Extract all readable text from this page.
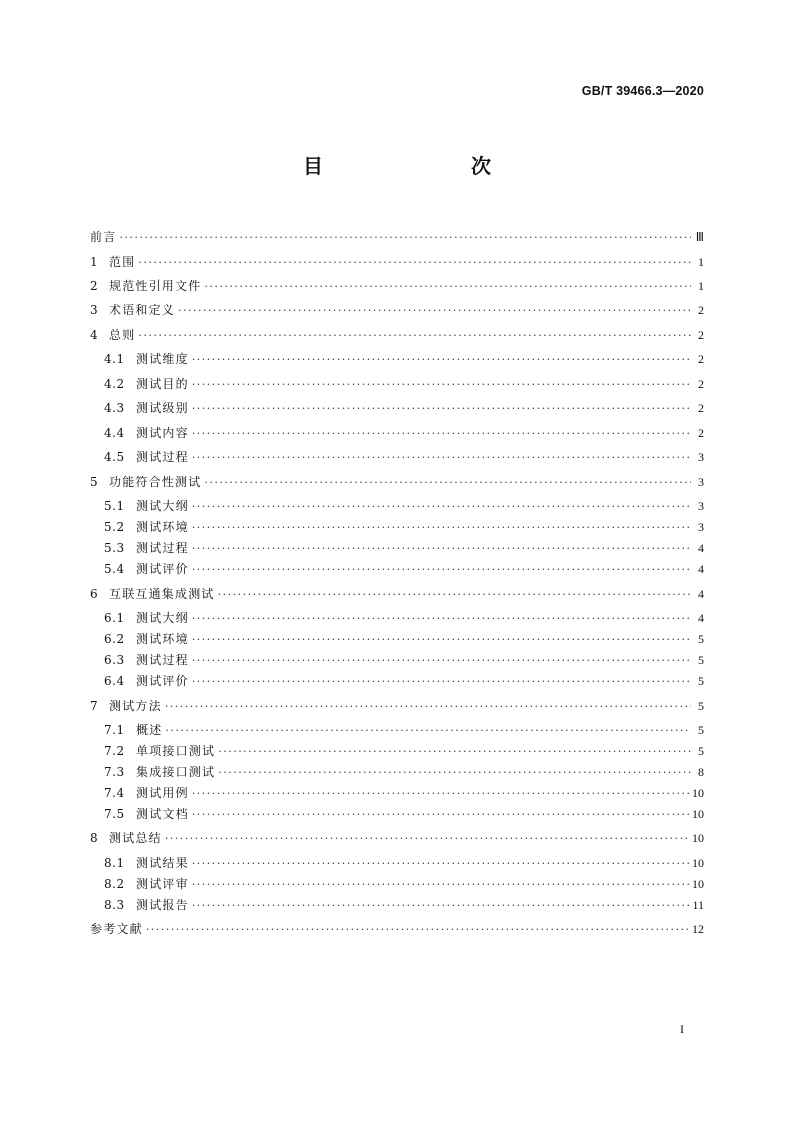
GB/T 39466.3—2020
目　　次
前言 ·····	Ⅲ
1 范围 ·····	1
2 规范性引用文件 ·····	1
3 术语和定义 ·····	2
4 总则 ·····	2
4.1 测试维度 ·····	2
4.2 测试目的 ·····	2
4.3 测试级别 ·····	2
4.4 测试内容 ·····	2
4.5 测试过程 ·····	3
5 功能符合性测试 ·····	3
5.1 测试大纲 ·····	3
5.2 测试环境 ·····	3
5.3 测试过程 ·····	4
5.4 测试评价 ·····	4
6 互联互通集成测试 ·····	4
6.1 测试大纲 ·····	4
6.2 测试环境 ·····	5
6.3 测试过程 ·····	5
6.4 测试评价 ·····	5
7 测试方法 ·····	5
7.1 概述 ·····	5
7.2 单项接口测试 ·····	5
7.3 集成接口测试 ·····	8
7.4 测试用例 ·····	10
7.5 测试文档 ·····	10
8 测试总结 ·····	10
8.1 测试结果 ·····	10
8.2 测试评审 ·····	10
8.3 测试报告 ·····	11
参考文献 ·····	12
I
